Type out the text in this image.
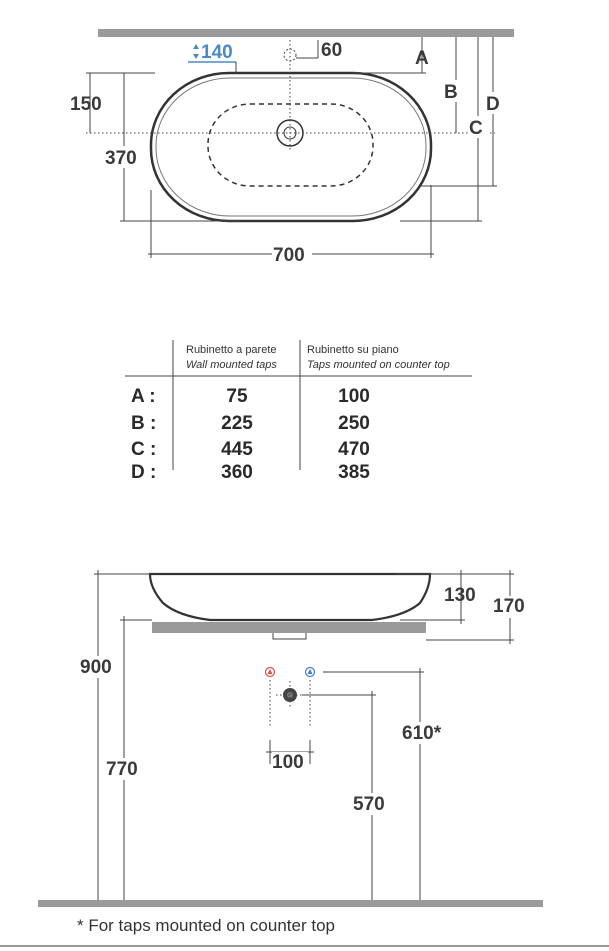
140	60
150
370
700
A
B
C
D
Rubinetto a parete
Wall mounted taps
Rubinetto su piano
Taps mounted on counter top
A :	75	100
B :	225	250
C :	445	470
D :	360	385
130
170
900
770	100
610*
570
* For taps mounted on counter top
